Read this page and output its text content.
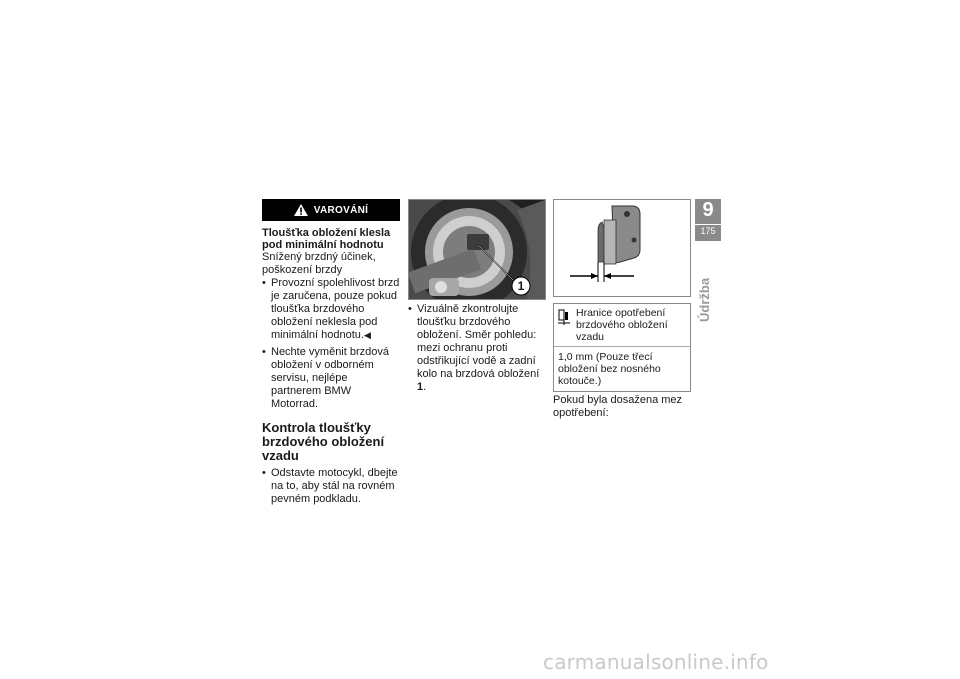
VAROVÁNÍ
Tloušťka obložení klesla pod minimální hodnotu

Snížený brzdný účinek, poškození brzdy

• Provozní spolehlivost brzd je zaručena, pouze pokud tloušťka brzdového obložení neklesla pod minimální hodnotu.◀
• Nechte vyměnit brzdová obložení v odborném servisu, nejlépe partnerem BMW Motorrad.
Kontrola tloušťky brzdového obložení vzadu
• Odstavte motocykl, dbejte na to, aby stál na rovném pevném podkladu.
1
• Vizuálně zkontrolujte tloušťku brzdového obložení. Směr pohledu: mezi ochranu proti odstřikující vodě a zadní kolo na brzdová obložení 1.
Hranice opotřebení brzdového obložení vzadu
1,0 mm (Pouze třecí obložení bez nosného kotouče.)

Pokud byla dosažena mez opotřebení:

9
175
Údržba
carmanualsonline.info
